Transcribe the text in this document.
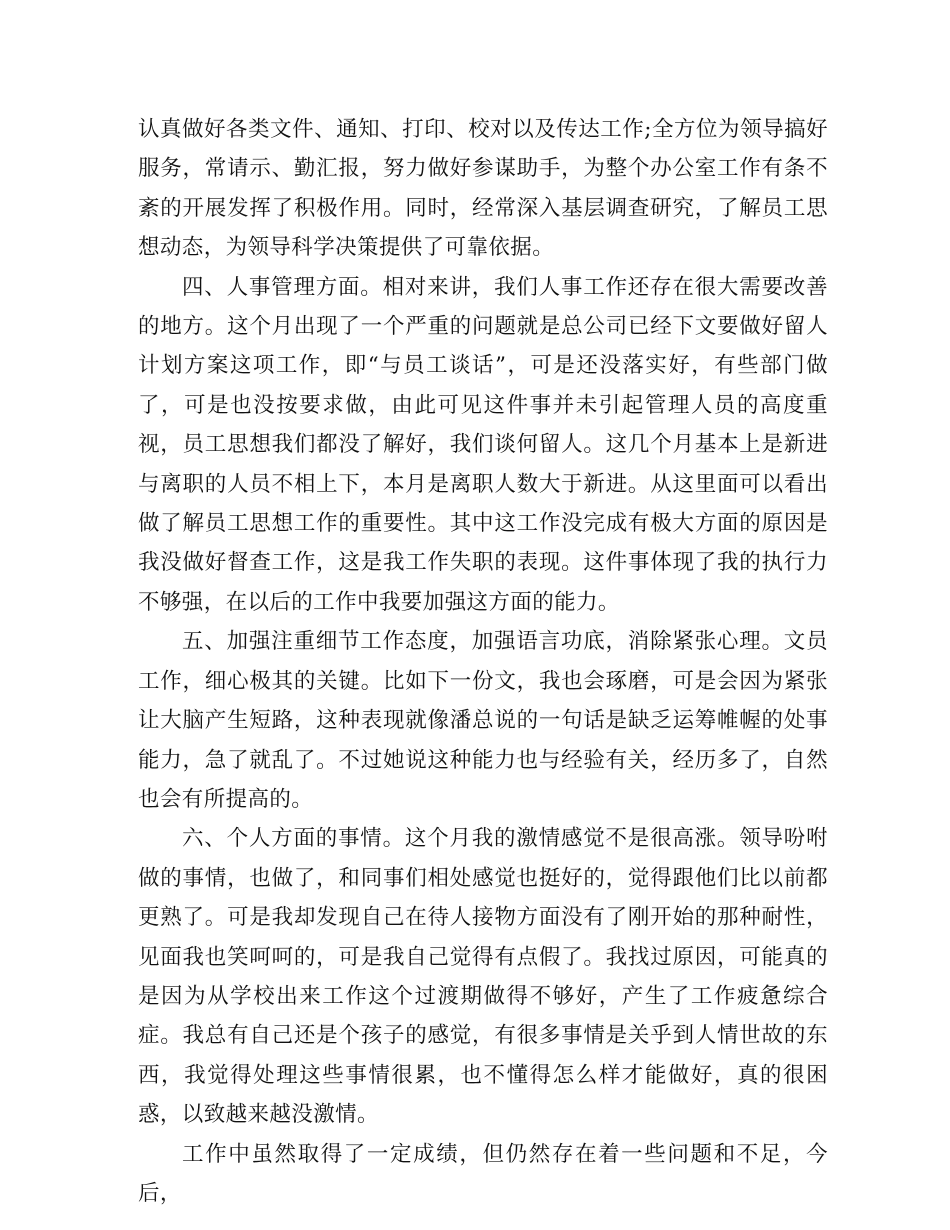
认真做好各类文件、通知、打印、校对以及传达工作;全方位为领导搞好服务，常请示、勤汇报，努力做好参谋助手，为整个办公室工作有条不紊的开展发挥了积极作用。同时，经常深入基层调查研究，了解员工思想动态，为领导科学决策提供了可靠依据。

四、人事管理方面。相对来讲，我们人事工作还存在很大需要改善的地方。这个月出现了一个严重的问题就是总公司已经下文要做好留人计划方案这项工作，即“与员工谈话”，可是还没落实好，有些部门做了，可是也没按要求做，由此可见这件事并未引起管理人员的高度重视，员工思想我们都没了解好，我们谈何留人。这几个月基本上是新进与离职的人员不相上下，本月是离职人数大于新进。从这里面可以看出做了解员工思想工作的重要性。其中这工作没完成有极大方面的原因是我没做好督查工作，这是我工作失职的表现。这件事体现了我的执行力不够强，在以后的工作中我要加强这方面的能力。

五、加强注重细节工作态度，加强语言功底，消除紧张心理。文员工作，细心极其的关键。比如下一份文，我也会琢磨，可是会因为紧张让大脑产生短路，这种表现就像潘总说的一句话是缺乏运筹帷幄的处事能力，急了就乱了。不过她说这种能力也与经验有关，经历多了，自然也会有所提高的。

六、个人方面的事情。这个月我的激情感觉不是很高涨。领导吩咐做的事情，也做了，和同事们相处感觉也挺好的，觉得跟他们比以前都更熟了。可是我却发现自己在待人接物方面没有了刚开始的那种耐性，见面我也笑呵呵的，可是我自己觉得有点假了。我找过原因，可能真的是因为从学校出来工作这个过渡期做得不够好，产生了工作疲惫综合症。我总有自己还是个孩子的感觉，有很多事情是关乎到人情世故的东西，我觉得处理这些事情很累，也不懂得怎么样才能做好，真的很困惑，以致越来越没激情。

工作中虽然取得了一定成绩，但仍然存在着一些问题和不足，今后，
